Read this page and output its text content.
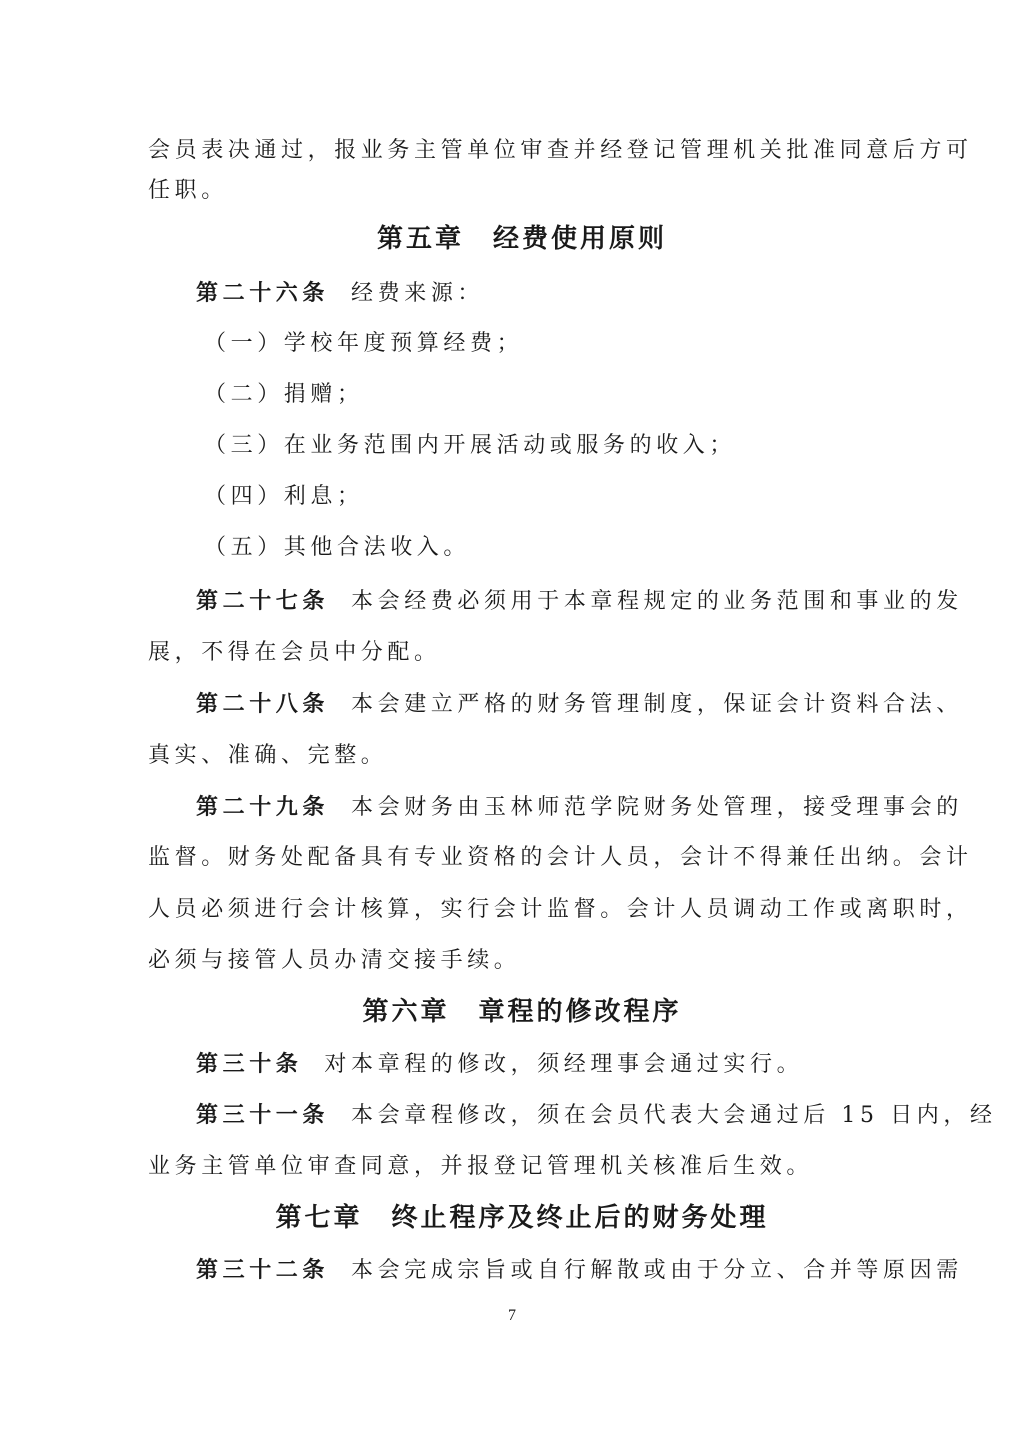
会员表决通过，报业务主管单位审查并经登记管理机关批准同意后方可
任职。
第五章　经费使用原则
第二十六条 经费来源：
（一）学校年度预算经费；
（二）捐赠；
（三）在业务范围内开展活动或服务的收入；
（四）利息；
（五）其他合法收入。
第二十七条 本会经费必须用于本章程规定的业务范围和事业的发
展，不得在会员中分配。
第二十八条 本会建立严格的财务管理制度，保证会计资料合法、
真实、准确、完整。
第二十九条 本会财务由玉林师范学院财务处管理，接受理事会的
监督。财务处配备具有专业资格的会计人员，会计不得兼任出纳。会计
人员必须进行会计核算，实行会计监督。会计人员调动工作或离职时，
必须与接管人员办清交接手续。
第六章　章程的修改程序
第三十条 对本章程的修改，须经理事会通过实行。
第三十一条 本会章程修改，须在会员代表大会通过后 15 日内，经
业务主管单位审查同意，并报登记管理机关核准后生效。
第七章　终止程序及终止后的财务处理
第三十二条 本会完成宗旨或自行解散或由于分立、合并等原因需
7
